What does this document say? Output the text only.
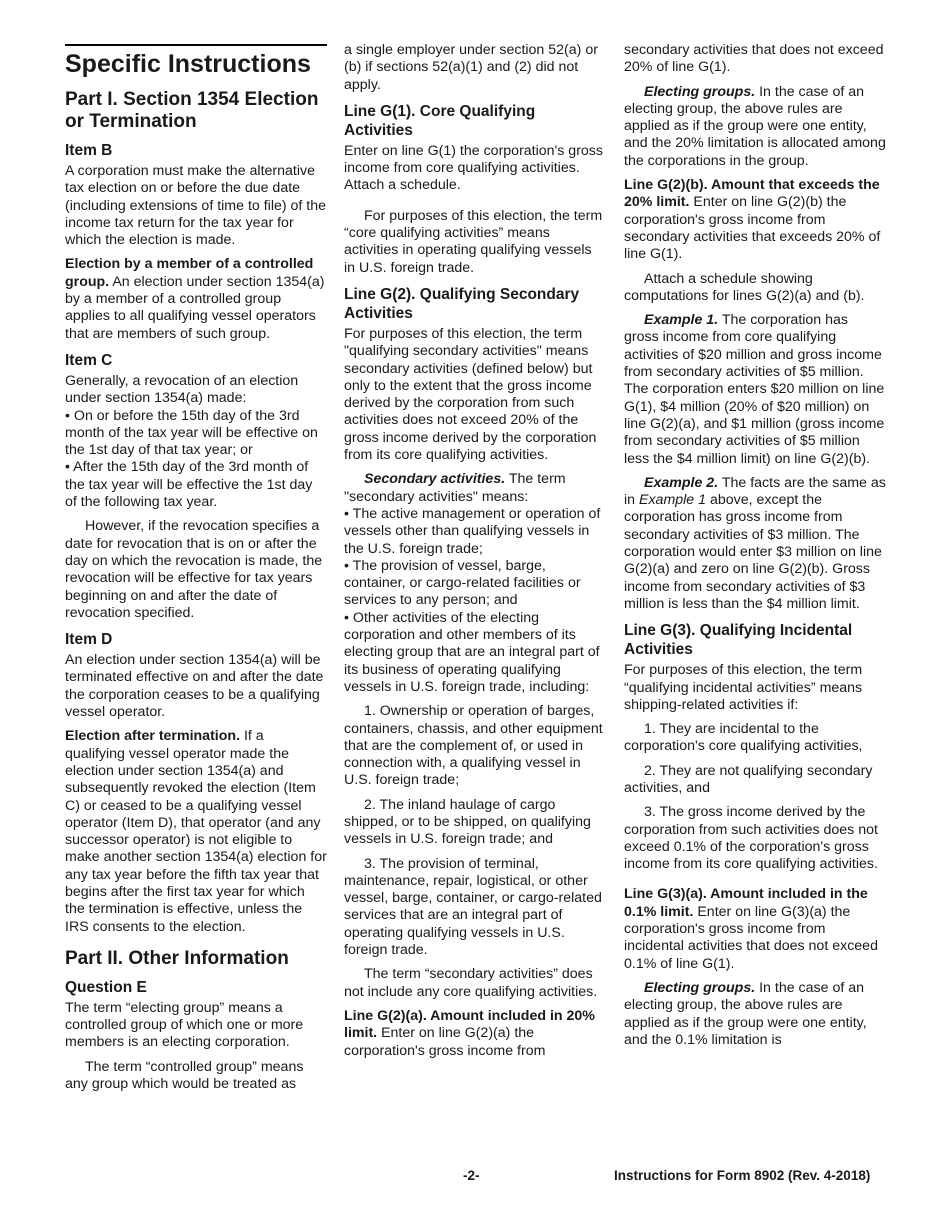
Specific Instructions
Part I. Section 1354 Election or Termination
Item B

A corporation must make the alternative tax election on or before the due date (including extensions of time to file) of the income tax return for the tax year for which the election is made.

Election by a member of a controlled group. An election under section 1354(a) by a member of a controlled group applies to all qualifying vessel operators that are members of such group.

Item C

Generally, a revocation of an election under section 1354(a) made:

• On or before the 15th day of the 3rd month of the tax year will be effective on the 1st day of that tax year; or
• After the 15th day of the 3rd month of the tax year will be effective the 1st day of the following tax year.

However, if the revocation specifies a date for revocation that is on or after the day on which the revocation is made, the revocation will be effective for tax years beginning on and after the date of revocation specified.

Item D

An election under section 1354(a) will be terminated effective on and after the date the corporation ceases to be a qualifying vessel operator.

Election after termination. If a qualifying vessel operator made the election under section 1354(a) and subsequently revoked the election (Item C) or ceased to be a qualifying vessel operator (Item D), that operator (and any successor operator) is not eligible to make another section 1354(a) election for any tax year before the fifth tax year that begins after the first tax year for which the termination is effective, unless the IRS consents to the election.

Part II. Other Information
Question E

The term “electing group” means a controlled group of which one or more members is an electing corporation.

The term “controlled group” means any group which would be treated as

a single employer under section 52(a) or (b) if sections 52(a)(1) and (2) did not apply.

Line G(1). Core Qualifying Activities

Enter on line G(1) the corporation's gross income from core qualifying activities. Attach a schedule.

For purposes of this election, the term “core qualifying activities” means activities in operating qualifying vessels in U.S. foreign trade.

Line G(2). Qualifying Secondary Activities

For purposes of this election, the term "qualifying secondary activities" means secondary activities (defined below) but only to the extent that the gross income derived by the corporation from such activities does not exceed 20% of the gross income derived by the corporation from its core qualifying activities.

Secondary activities. The term "secondary activities" means:

• The active management or operation of vessels other than qualifying vessels in the U.S. foreign trade;
• The provision of vessel, barge, container, or cargo-related facilities or services to any person; and
• Other activities of the electing corporation and other members of its electing group that are an integral part of its business of operating qualifying vessels in U.S. foreign trade, including:

1. Ownership or operation of barges, containers, chassis, and other equipment that are the complement of, or used in connection with, a qualifying vessel in U.S. foreign trade;

2. The inland haulage of cargo shipped, or to be shipped, on qualifying vessels in U.S. foreign trade; and

3. The provision of terminal, maintenance, repair, logistical, or other vessel, barge, container, or cargo-related services that are an integral part of operating qualifying vessels in U.S. foreign trade.

The term “secondary activities” does not include any core qualifying activities.

Line G(2)(a). Amount included in 20% limit. Enter on line G(2)(a) the corporation's gross income from

secondary activities that does not exceed 20% of line G(1).

Electing groups. In the case of an electing group, the above rules are applied as if the group were one entity, and the 20% limitation is allocated among the corporations in the group.

Line G(2)(b). Amount that exceeds the 20% limit. Enter on line G(2)(b) the corporation's gross income from secondary activities that exceeds 20% of line G(1).

Attach a schedule showing computations for lines G(2)(a) and (b).

Example 1. The corporation has gross income from core qualifying activities of $20 million and gross income from secondary activities of $5 million. The corporation enters $20 million on line G(1), $4 million (20% of $20 million) on line G(2)(a), and $1 million (gross income from secondary activities of $5 million less the $4 million limit) on line G(2)(b).

Example 2. The facts are the same as in Example 1 above, except the corporation has gross income from secondary activities of $3 million. The corporation would enter $3 million on line G(2)(a) and zero on line G(2)(b). Gross income from secondary activities of $3 million is less than the $4 million limit.

Line G(3). Qualifying Incidental Activities

For purposes of this election, the term “qualifying incidental activities” means shipping-related activities if:

1. They are incidental to the corporation's core qualifying activities,

2. They are not qualifying secondary activities, and

3. The gross income derived by the corporation from such activities does not exceed 0.1% of the corporation's gross income from its core qualifying activities.

Line G(3)(a). Amount included in the 0.1% limit. Enter on line G(3)(a) the corporation's gross income from incidental activities that does not exceed 0.1% of line G(1).

Electing groups. In the case of an electing group, the above rules are applied as if the group were one entity, and the 0.1% limitation is

-2-	Instructions for Form 8902 (Rev. 4-2018)
